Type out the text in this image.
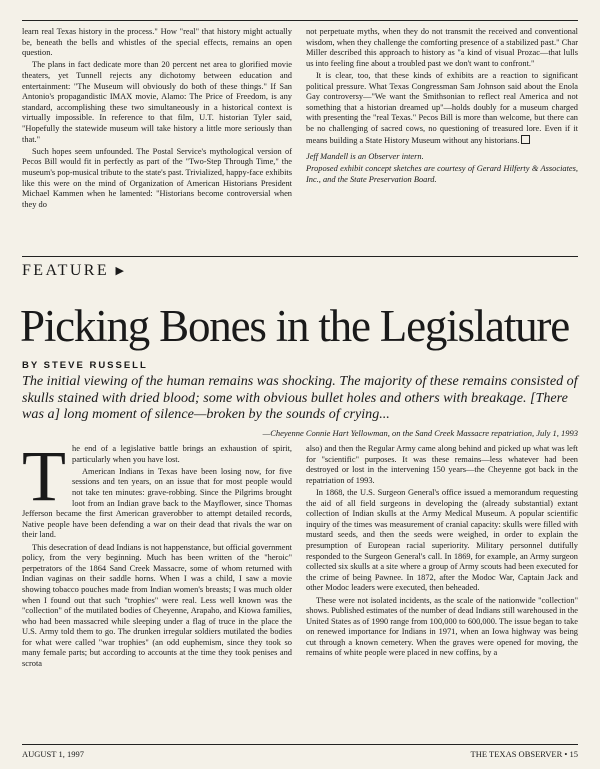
learn real Texas history in the process." How "real" that history might actually be, beneath the bells and whistles of the special effects, remains an open question.

The plans in fact dedicate more than 20 percent net area to glorified movie theaters, yet Tunnell rejects any dichotomy between education and entertainment: "The Museum will obviously do both of these things." If San Antonio's propagandistic IMAX movie, Alamo: The Price of Freedom, is any standard, accomplishing these two simultaneously in a historical context is virtually impossible. In reference to that film, U.T. historian Tyler said, "Hopefully the statewide museum will take history a little more seriously than that."

Such hopes seem unfounded. The Postal Service's mythological version of Pecos Bill would fit in perfectly as part of the "Two-Step Through Time," the museum's pop-musical tribute to the state's past. Trivialized, happy-face exhibits like this were on the mind of Organization of American Historians President Michael Kammen when he lamented: "Historians become controversial when they do

not perpetuate myths, when they do not transmit the received and conventional wisdom, when they challenge the comforting presence of a stabilized past." Char Miller described this approach to history as "a kind of visual Prozac—that lulls us into feeling fine about a troubled past we don't want to confront."

It is clear, too, that these kinds of exhibits are a reaction to significant political pressure. What Texas Congressman Sam Johnson said about the Enola Gay controversy—"We want the Smithsonian to reflect real America and not something that a historian dreamed up"—holds doubly for a museum charged with presenting the "real Texas." Pecos Bill is more than welcome, but there can be no challenging of sacred cows, no questioning of treasured lore. Even if it means building a State History Museum without any historians.

Jeff Mandell is an Observer intern.

Proposed exhibit concept sketches are courtesy of Gerard Hilferty & Associates, Inc., and the State Preservation Board.

FEATURE ▶
Picking Bones in the Legislature
BY STEVE RUSSELL
The initial viewing of the human remains was shocking. The majority of these remains consisted of skulls stained with dried blood; some with obvious bullet holes and others with breakage. [There was a] long moment of silence—broken by the sounds of crying...
—Cheyenne Connie Hart Yellowman, on the Sand Creek Massacre repatriation, July 1, 1993

The end of a legislative battle brings an exhaustion of spirit, particularly when you have lost.

American Indians in Texas have been losing now, for five sessions and ten years, on an issue that for most people would not take ten minutes: grave-robbing. Since the Pilgrims brought loot from an Indian grave back to the Mayflower, since Thomas Jefferson became the first American graverobber to attempt detailed records, Native people have been defending a war on their dead that rivals the war on their land.

This desecration of dead Indians is not happenstance, but official government policy, from the very beginning. Much has been written of the "heroic" perpetrators of the 1864 Sand Creek Massacre, some of whom returned with Indian vaginas on their saddle horns. When I was a child, I saw a movie showing tobacco pouches made from Indian women's breasts; I was much older when I found out that such "trophies" were real. Less well known was the "collection" of the mutilated bodies of Cheyenne, Arapaho, and Kiowa families, who had been massacred while sleeping under a flag of truce in the place the U.S. Army told them to go. The drunken irregular soldiers mutilated the bodies for what were called "war trophies" (an odd euphemism, since they took so many female parts; but according to accounts at the time they took penises and scrota

also) and then the Regular Army came along behind and picked up what was left for "scientific" purposes. It was these remains—less whatever had been destroyed or lost in the intervening 150 years—the Cheyenne got back in the repatriation of 1993.

In 1868, the U.S. Surgeon General's office issued a memorandum requesting the aid of all field surgeons in developing the (already substantial) extant collection of Indian skulls at the Army Medical Museum. A popular scientific inquiry of the times was measurement of cranial capacity: skulls were filled with mustard seeds, and then the seeds were weighed, in order to explain the presumption of European racial superiority. Military personnel dutifully responded to the Surgeon General's call. In 1869, for example, an Army surgeon collected six skulls at a site where a group of Army scouts had been executed for the crime of being Pawnee. In 1872, after the Modoc War, Captain Jack and other Modoc leaders were executed, then beheaded.

These were not isolated incidents, as the scale of the nationwide "collection" shows. Published estimates of the number of dead Indians still warehoused in the United States as of 1990 range from 100,000 to 600,000. The issue began to take on renewed importance for Indians in 1971, when an Iowa highway was being cut through a known cemetery. When the graves were opened for moving, the remains of white people were placed in new coffins, by a

AUGUST 1, 1997	THE TEXAS OBSERVER • 15
